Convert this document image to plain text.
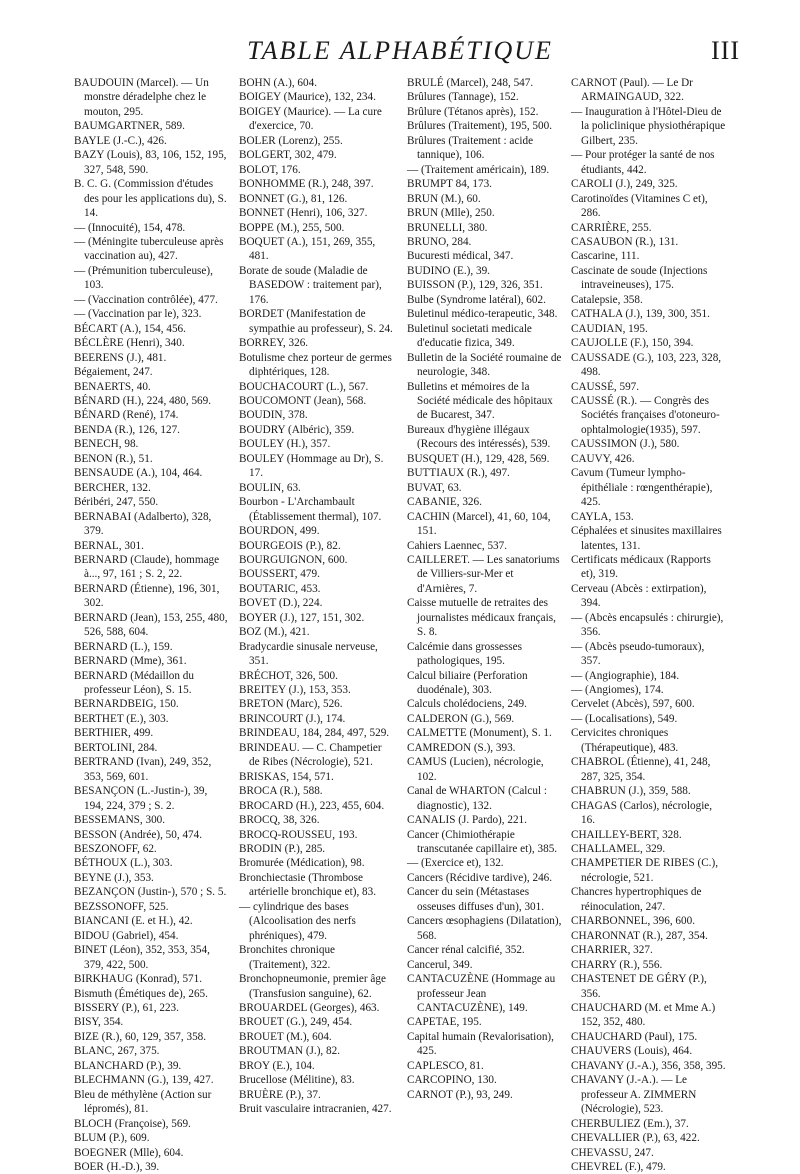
TABLE ALPHABÉTIQUE	III

BAUDOUIN (Marcel). — Un monstre déradelphe chez le mouton, 295.

BAUMGARTNER, 589.

BAYLE (J.-C.), 426.

BAZY (Louis), 83, 106, 152, 195, 327, 548, 590.

B. C. G. (Commission d'études des pour les applications du), S. 14.

— (Innocuité), 154, 478.

— (Méningite tuberculeuse après vaccination au), 427.

— (Prémunition tuberculeuse), 103.

— (Vaccination contrôlée), 477.

— (Vaccination par le), 323.

BÉCART (A.), 154, 456.

BÉCLÈRE (Henri), 340.

BEERENS (J.), 481.

Bégaiement, 247.

BENAERTS, 40.

BÉNARD (H.), 224, 480, 569.

BÉNARD (René), 174.

BENDA (R.), 126, 127.

BENECH, 98.

BENON (R.), 51.

BENSAUDE (A.), 104, 464.

BERCHER, 132.

Béribéri, 247, 550.

BERNABAI (Adalberto), 328, 379.

BERNAL, 301.

BERNARD (Claude), hommage à..., 97, 161 ; S. 2, 22.

BERNARD (Étienne), 196, 301, 302.

BERNARD (Jean), 153, 255, 480, 526, 588, 604.

BERNARD (L.), 159.

BERNARD (Mme), 361.

BERNARD (Médaillon du professeur Léon), S. 15.

BERNARDBEIG, 150.

BERTHET (E.), 303.

BERTHIER, 499.

BERTOLINI, 284.

BERTRAND (Ivan), 249, 352, 353, 569, 601.

BESANÇON (L.-Justin-), 39, 194, 224, 379 ; S. 2.

BESSEMANS, 300.

BESSON (Andrée), 50, 474.

BESZONOFF, 62.

BÉTHOUX (L.), 303.

BEYNE (J.), 353.

BEZANÇON (Justin-), 570 ; S. 5.

BEZSSONOFF, 525.

BIANCANI (E. et H.), 42.

BIDOU (Gabriel), 454.

BINET (Léon), 352, 353, 354, 379, 422, 500.

BIRKHAUG (Konrad), 571.

Bismuth (Émétiques de), 265.

BISSERY (P.), 61, 223.

BISY, 354.

BIZE (R.), 60, 129, 357, 358.

BLANC, 267, 375.

BLANCHARD (P.), 39.

BLECHMANN (G.), 139, 427.

Bleu de méthylène (Action sur lépromés), 81.

BLOCH (Françoise), 569.

BLUM (P.), 609.

BOEGNER (Mlle), 604.

BOER (H.-D.), 39.

BOHN (A.), 604.

BOIGEY (Maurice), 132, 234.

BOIGEY (Maurice). — La cure d'exercice, 70.

BOLER (Lorenz), 255.

BOLGERT, 302, 479.

BOLOT, 176.

BONHOMME (R.), 248, 397.

BONNET (G.), 81, 126.

BONNET (Henri), 106, 327.

BOPPE (M.), 255, 500.

BOQUET (A.), 151, 269, 355, 481.

Borate de soude (Maladie de BASEDOW : traitement par), 176.

BORDET (Manifestation de sympathie au professeur), S. 24.

BORREY, 326.

Botulisme chez porteur de germes diphtériques, 128.

BOUCHACOURT (L.), 567.

BOUCOMONT (Jean), 568.

BOUDIN, 378.

BOUDRY (Albéric), 359.

BOULEY (H.), 357.

BOULEY (Hommage au Dr), S. 17.

BOULIN, 63.

Bourbon - L'Archambault (Établissement thermal), 107.

BOURDON, 499.

BOURGEOIS (P.), 82.

BOURGUIGNON, 600.

BOUSSERT, 479.

BOUTARIC, 453.

BOVET (D.), 224.

BOYER (J.), 127, 151, 302.

BOZ (M.), 421.

Bradycardie sinusale nerveuse, 351.

BRÉCHOT, 326, 500.

BREITEY (J.), 153, 353.

BRETON (Marc), 526.

BRINCOURT (J.), 174.

BRINDEAU, 184, 284, 497, 529.

BRINDEAU. — C. Champetier de Ribes (Nécrologie), 521.

BRISKAS, 154, 571.

BROCA (R.), 588.

BROCARD (H.), 223, 455, 604.

BROCQ, 38, 326.

BROCQ-ROUSSEU, 193.

BRODIN (P.), 285.

Bromurée (Médication), 98.

Bronchiectasie (Thrombose artérielle bronchique et), 83.

— cylindrique des bases (Alcoolisation des nerfs phréniques), 479.

Bronchites chronique (Traitement), 322.

Bronchopneumonie, premier âge (Transfusion sanguine), 62.

BROUARDEL (Georges), 463.

BROUET (G.), 249, 454.

BROUET (M.), 604.

BROUTMAN (J.), 82.

BROY (E.), 104.

Brucellose (Mélitine), 83.

BRUÈRE (P.), 37.

Bruit vasculaire intracranien, 427.

BRULÉ (Marcel), 248, 547.

Brûlures (Tannage), 152.

Brûlure (Tétanos après), 152.

Brûlures (Traitement), 195, 500.

Brûlures (Traitement : acide tannique), 106.

— (Traitement américain), 189.

BRUMPT 84, 173.

BRUN (M.), 60.

BRUN (Mlle), 250.

BRUNELLI, 380.

BRUNO, 284.

Bucuresti médical, 347.

BUDINO (E.), 39.

BUISSON (P.), 129, 326, 351.

Bulbe (Syndrome latéral), 602.

Buletinul médico-terapeutic, 348.

Buletinul societati medicale d'educatie fizica, 349.

Bulletin de la Société roumaine de neurologie, 348.

Bulletins et mémoires de la Société médicale des hôpitaux de Bucarest, 347.

Bureaux d'hygiène illégaux (Recours des intéressés), 539.

BUSQUET (H.), 129, 428, 569.

BUTTIAUX (R.), 497.

BUVAT, 63.

CABANIE, 326.

CACHIN (Marcel), 41, 60, 104, 151.

Cahiers Laennec, 537.

CAILLERET. — Les sanatoriums de Villiers-sur-Mer et d'Arnières, 7.

Caisse mutuelle de retraites des journalistes médicaux français, S. 8.

Calcémie dans grossesses pathologiques, 195.

Calcul biliaire (Perforation duodénale), 303.

Calculs cholédociens, 249.

CALDERON (G.), 569.

CALMETTE (Monument), S. 1.

CAMREDON (S.), 393.

CAMUS (Lucien), nécrologie, 102.

Canal de WHARTON (Calcul : diagnostic), 132.

CANALIS (J. Pardo), 221.

Cancer (Chimiothérapie transcutanée capillaire et), 385.

— (Exercice et), 132.

Cancers (Récidive tardive), 246.

Cancer du sein (Métastases osseuses diffuses d'un), 301.

Cancers œsophagiens (Dilatation), 568.

Cancer rénal calcifié, 352.

Cancerul, 349.

CANTACUZÈNE (Hommage au professeur Jean CANTACUZÈNE), 149.

CAPETAE, 195.

Capital humain (Revalorisation), 425.

CAPLESCO, 81.

CARCOPINO, 130.

CARNOT (P.), 93, 249.

CARNOT (Paul). — Le Dr ARMAINGAUD, 322.

— Inauguration à l'Hôtel-Dieu de la policlinique physiothérapique Gilbert, 235.

— Pour protéger la santé de nos étudiants, 442.

CAROLI (J.), 249, 325.

Carotinoïdes (Vitamines C et), 286.

CARRIÈRE, 255.

CASAUBON (R.), 131.

Cascarine, 111.

Cascinate de soude (Injections intraveineuses), 175.

Catalepsie, 358.

CATHALA (J.), 139, 300, 351.

CAUDIAN, 195.

CAUJOLLE (F.), 150, 394.

CAUSSADE (G.), 103, 223, 328, 498.

CAUSSÉ, 597.

CAUSSÉ (R.). — Congrès des Sociétés françaises d'otoneuro-ophtalmologie(1935), 597.

CAUSSIMON (J.), 580.

CAUVY, 426.

Cavum (Tumeur lympho-épithéliale : rœngenthérapie), 425.

CAYLA, 153.

Céphalées et sinusites maxillaires latentes, 131.

Certificats médicaux (Rapports et), 319.

Cerveau (Abcès : extirpation), 394.

— (Abcès encapsulés : chirurgie), 356.

— (Abcès pseudo-tumoraux), 357.

— (Angiographie), 184.

— (Angiomes), 174.

Cervelet (Abcès), 597, 600.

— (Localisations), 549.

Cervicites chroniques (Thérapeutique), 483.

CHABROL (Étienne), 41, 248, 287, 325, 354.

CHABRUN (J.), 359, 588.

CHAGAS (Carlos), nécrologie, 16.

CHAILLEY-BERT, 328.

CHALLAMEL, 329.

CHAMPETIER DE RIBES (C.), nécrologie, 521.

Chancres hypertrophiques de réinoculation, 247.

CHARBONNEL, 396, 600.

CHARONNAT (R.), 287, 354.

CHARRIER, 327.

CHARRY (R.), 556.

CHASTENET DE GÉRY (P.), 356.

CHAUCHARD (M. et Mme A.) 152, 352, 480.

CHAUCHARD (Paul), 175.

CHAUVERS (Louis), 464.

CHAVANY (J.-A.), 356, 358, 395.

CHAVANY (J.-A.). — Le professeur A. ZIMMERN (Nécrologie), 523.

CHERBULIEZ (Em.), 37.

CHEVALLIER (P.), 63, 422.

CHEVASSU, 247.

CHEVREL (F.), 479.
